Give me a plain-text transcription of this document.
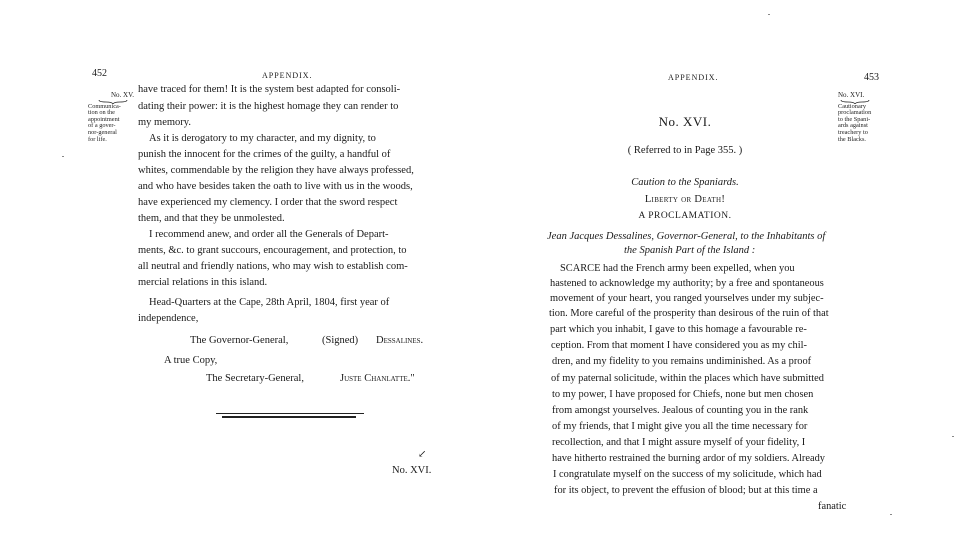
452	APPENDIX.
No. XV.
Communica-
tion on the
appointment
of a gover-
nor-general
for life.
have traced for them! It is the system best adapted for consoli-
dating their power: it is the highest homage they can render to
my memory.
As it is derogatory to my character, and my dignity, to
punish the innocent for the crimes of the guilty, a handful of
whites, commendable by the religion they have always professed,
and who have besides taken the oath to live with us in the woods,
have experienced my clemency. I order that the sword respect
them, and that they be unmolested.
I recommend anew, and order all the Generals of Depart-
ments, &c. to grant succours, encouragement, and protection, to
all neutral and friendly nations, who may wish to establish com-
mercial relations in this island.
Head-Quarters at the Cape, 28th April, 1804, first year of
independence,
The Governor-General,	(Signed) Dessalines.
A true Copy,
The Secretary-General,	Juste Chanlatte."
No. XVI.
↙
APPENDIX.	453
No. XVI.
Cautionary
proclamation
to the Spani-
ards against
treachery to
the Blacks.
No. XVI.
( Referred to in Page 355. )
Caution to the Spaniards.
Liberty or Death!
A PROCLAMATION.
Jean Jacques Dessalines, Governor-General, to the Inhabitants of
the Spanish Part of the Island :
SCARCE had the French army been expelled, when you
hastened to acknowledge my authority; by a free and spontaneous
movement of your heart, you ranged yourselves under my subjec-
tion. More careful of the prosperity than desirous of the ruin of that
part which you inhabit, I gave to this homage a favourable re-
ception. From that moment I have considered you as my chil-
dren, and my fidelity to you remains undiminished. As a proof
of my paternal solicitude, within the places which have submitted
to my power, I have proposed for Chiefs, none but men chosen
from amongst yourselves. Jealous of counting you in the rank
of my friends, that I might give you all the time necessary for
recollection, and that I might assure myself of your fidelity, I
have hitherto restrained the burning ardor of my soldiers. Already
I congratulate myself on the success of my solicitude, which had
for its object, to prevent the effusion of blood; but at this time a
fanatic
